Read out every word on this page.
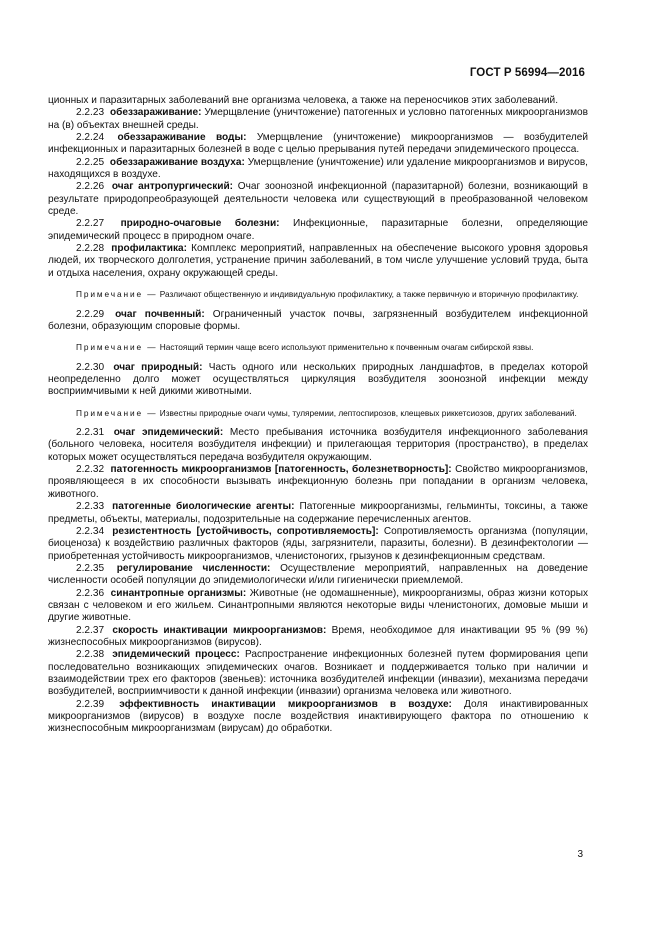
ГОСТ Р 56994—2016

ционных и паразитарных заболеваний вне организма человека, а также на переносчиков этих заболеваний.

2.2.23 обеззараживание: Умерщвление (уничтожение) патогенных и условно патогенных микроорганизмов на (в) объектах внешней среды.

2.2.24 обеззараживание воды: Умерщвление (уничтожение) микроорганизмов — возбудителей инфекционных и паразитарных болезней в воде с целью прерывания путей передачи эпидемического процесса.

2.2.25 обеззараживание воздуха: Умерщвление (уничтожение) или удаление микроорганизмов и вирусов, находящихся в воздухе.

2.2.26 очаг антропургический: Очаг зоонозной инфекционной (паразитарной) болезни, возникающий в результате природопреобразующей деятельности человека или существующий в преобразованной человеком среде.

2.2.27 природно-очаговые болезни: Инфекционные, паразитарные болезни, определяющие эпидемический процесс в природном очаге.

2.2.28 профилактика: Комплекс мероприятий, направленных на обеспечение высокого уровня здоровья людей, их творческого долголетия, устранение причин заболеваний, в том числе улучшение условий труда, быта и отдыха населения, охрану окружающей среды.

Примечание — Различают общественную и индивидуальную профилактику, а также первичную и вторичную профилактику.

2.2.29 очаг почвенный: Ограниченный участок почвы, загрязненный возбудителем инфекционной болезни, образующим споровые формы.

Примечание — Настоящий термин чаще всего используют применительно к почвенным очагам сибирской язвы.

2.2.30 очаг природный: Часть одного или нескольких природных ландшафтов, в пределах которой неопределенно долго может осуществляться циркуляция возбудителя зоонозной инфекции между восприимчивыми к ней дикими животными.

Примечание — Известны природные очаги чумы, туляремии, лептоспирозов, клещевых риккетсиозов, других заболеваний.

2.2.31 очаг эпидемический: Место пребывания источника возбудителя инфекционного заболевания (больного человека, носителя возбудителя инфекции) и прилегающая территория (пространство), в пределах которых может осуществляться передача возбудителя окружающим.

2.2.32 патогенность микроорганизмов [патогенность, болезнетворность]: Свойство микроорганизмов, проявляющееся в их способности вызывать инфекционную болезнь при попадании в организм человека, животного.

2.2.33 патогенные биологические агенты: Патогенные микроорганизмы, гельминты, токсины, а также предметы, объекты, материалы, подозрительные на содержание перечисленных агентов.

2.2.34 резистентность [устойчивость, сопротивляемость]: Сопротивляемость организма (популяции, биоценоза) к воздействию различных факторов (яды, загрязнители, паразиты, болезни). В дезинфектологии — приобретенная устойчивость микроорганизмов, членистоногих, грызунов к дезинфекционным средствам.

2.2.35 регулирование численности: Осуществление мероприятий, направленных на доведение численности особей популяции до эпидемиологически и/или гигиенически приемлемой.

2.2.36 синантропные организмы: Животные (не одомашненные), микроорганизмы, образ жизни которых связан с человеком и его жильем. Синантропными являются некоторые виды членистоногих, домовые мыши и другие животные.

2.2.37 скорость инактивации микроорганизмов: Время, необходимое для инактивации 95 % (99 %) жизнеспособных микроорганизмов (вирусов).

2.2.38 эпидемический процесс: Распространение инфекционных болезней путем формирования цепи последовательно возникающих эпидемических очагов. Возникает и поддерживается только при наличии и взаимодействии трех его факторов (звеньев): источника возбудителей инфекции (инвазии), механизма передачи возбудителей, восприимчивости к данной инфекции (инвазии) организма человека или животного.

2.2.39 эффективность инактивации микроорганизмов в воздухе: Доля инактивированных микроорганизмов (вирусов) в воздухе после воздействия инактивирующего фактора по отношению к жизнеспособным микроорганизмам (вирусам) до обработки.

3
